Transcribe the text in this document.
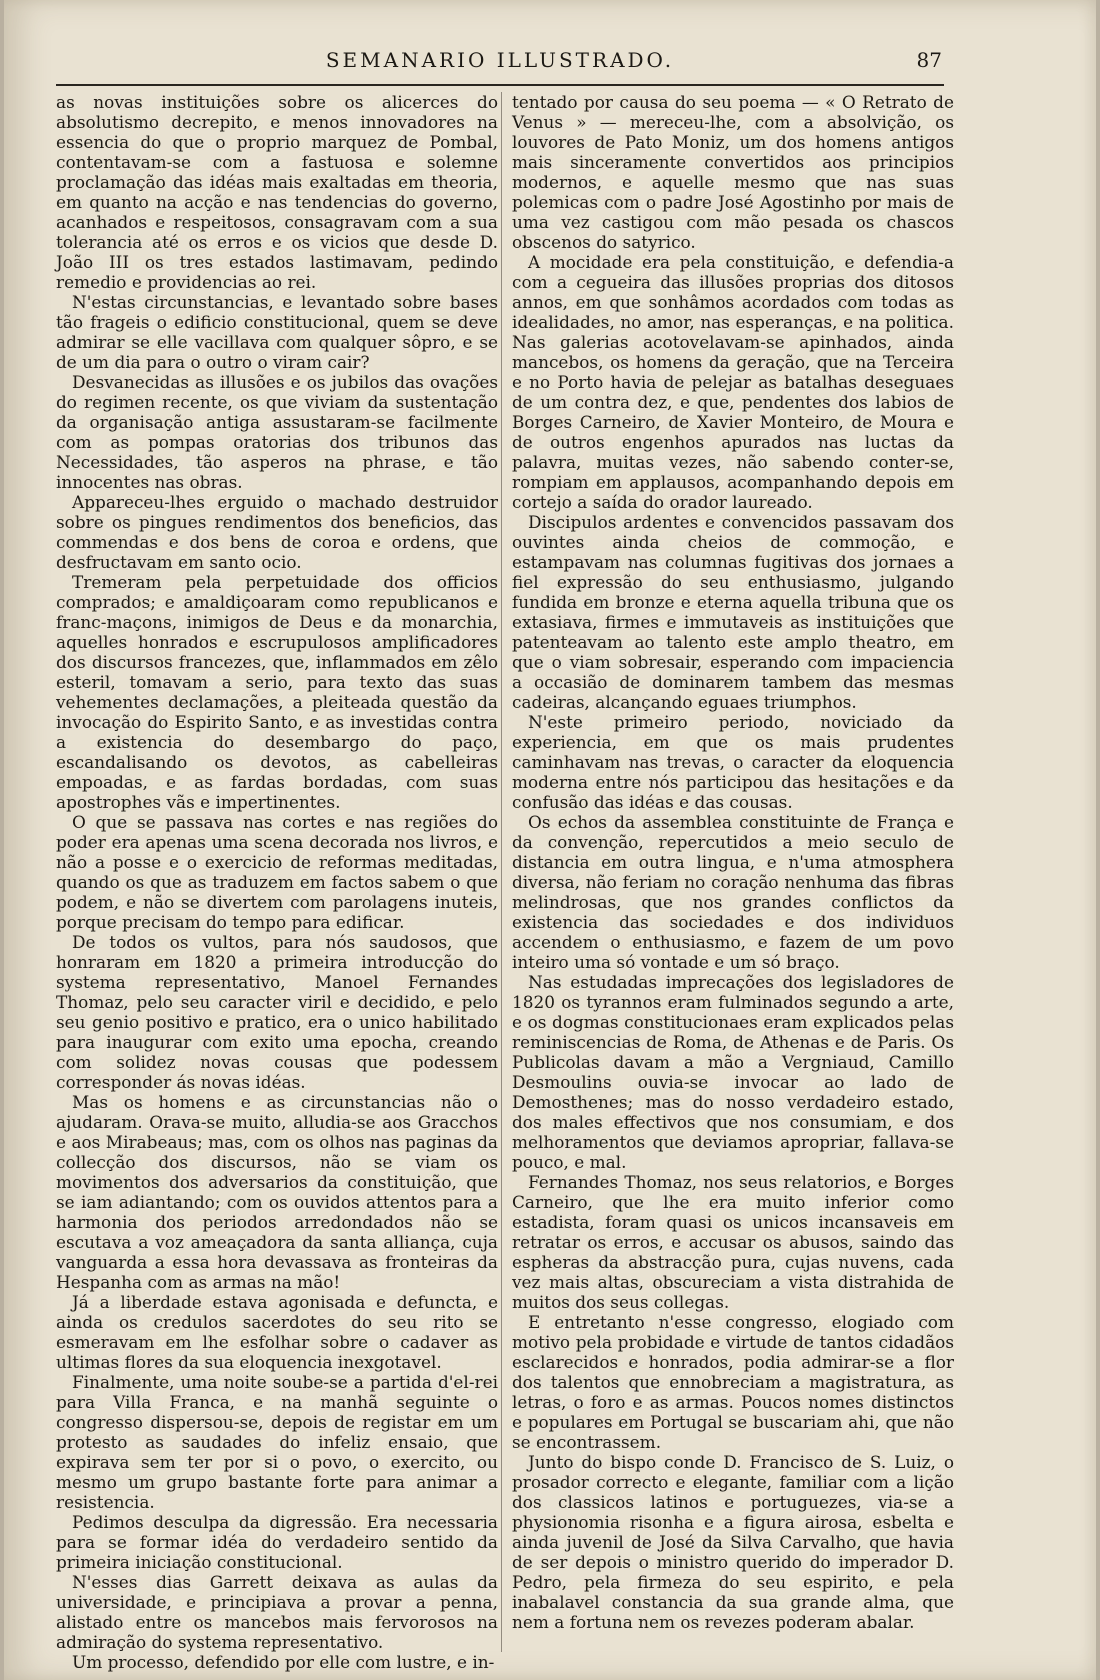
SEMANARIO ILLUSTRADO.	87

as novas instituições sobre os alicerces do absolutismo decrepito, e menos innovadores na essencia do que o proprio marquez de Pombal, contentavam-se com a fastuosa e solemne proclamação das idéas mais exaltadas em theoria, em quanto na acção e nas tendencias do governo, acanhados e respeitosos, consagravam com a sua tolerancia até os erros e os vicios que desde D. João III os tres estados lastimavam, pedindo remedio e providencias ao rei.

N'estas circunstancias, e levantado sobre bases tão frageis o edificio constitucional, quem se deve admirar se elle vacillava com qualquer sôpro, e se de um dia para o outro o viram cair?

Desvanecidas as illusões e os jubilos das ovações do regimen recente, os que viviam da sustentação da organisação antiga assustaram-se facilmente com as pompas oratorias dos tribunos das Necessidades, tão asperos na phrase, e tão innocentes nas obras.

Appareceu-lhes erguido o machado destruidor sobre os pingues rendimentos dos beneficios, das commendas e dos bens de coroa e ordens, que desfructavam em santo ocio.

Tremeram pela perpetuidade dos officios comprados; e amaldiçoaram como republicanos e franc-maçons, inimigos de Deus e da monarchia, aquelles honrados e escrupulosos amplificadores dos discursos francezes, que, inflammados em zêlo esteril, tomavam a serio, para texto das suas vehementes declamações, a pleiteada questão da invocação do Espirito Santo, e as investidas contra a existencia do desembargo do paço, escandalisando os devotos, as cabelleiras empoadas, e as fardas bordadas, com suas apostrophes vãs e impertinentes.

O que se passava nas cortes e nas regiões do poder era apenas uma scena decorada nos livros, e não a posse e o exercicio de reformas meditadas, quando os que as traduzem em factos sabem o que podem, e não se divertem com parolagens inuteis, porque precisam do tempo para edificar.

De todos os vultos, para nós saudosos, que honraram em 1820 a primeira introducção do systema representativo, Manoel Fernandes Thomaz, pelo seu caracter viril e decidido, e pelo seu genio positivo e pratico, era o unico habilitado para inaugurar com exito uma epocha, creando com solidez novas cousas que podessem corresponder ás novas idéas.

Mas os homens e as circunstancias não o ajudaram. Orava-se muito, alludia-se aos Gracchos e aos Mirabeaus; mas, com os olhos nas paginas da collecção dos discursos, não se viam os movimentos dos adversarios da constituição, que se iam adiantando; com os ouvidos attentos para a harmonia dos periodos arredondados não se escutava a voz ameaçadora da santa alliança, cuja vanguarda a essa hora devassava as fronteiras da Hespanha com as armas na mão!

Já a liberdade estava agonisada e defuncta, e ainda os credulos sacerdotes do seu rito se esmeravam em lhe esfolhar sobre o cadaver as ultimas flores da sua eloquencia inexgotavel.

Finalmente, uma noite soube-se a partida d'el-rei para Villa Franca, e na manhã seguinte o congresso dispersou-se, depois de registar em um protesto as saudades do infeliz ensaio, que expirava sem ter por si o povo, o exercito, ou mesmo um grupo bastante forte para animar a resistencia.

Pedimos desculpa da digressão. Era necessaria para se formar idéa do verdadeiro sentido da primeira iniciação constitucional.

N'esses dias Garrett deixava as aulas da universidade, e principiava a provar a penna, alistado entre os mancebos mais fervorosos na admiração do systema representativo.

Um processo, defendido por elle com lustre, e in-

tentado por causa do seu poema — « O Retrato de Venus » — mereceu-lhe, com a absolvição, os louvores de Pato Moniz, um dos homens antigos mais sinceramente convertidos aos principios modernos, e aquelle mesmo que nas suas polemicas com o padre José Agostinho por mais de uma vez castigou com mão pesada os chascos obscenos do satyrico.

A mocidade era pela constituição, e defendia-a com a cegueira das illusões proprias dos ditosos annos, em que sonhâmos acordados com todas as idealidades, no amor, nas esperanças, e na politica. Nas galerias acotovelavam-se apinhados, ainda mancebos, os homens da geração, que na Terceira e no Porto havia de pelejar as batalhas deseguaes de um contra dez, e que, pendentes dos labios de Borges Carneiro, de Xavier Monteiro, de Moura e de outros engenhos apurados nas luctas da palavra, muitas vezes, não sabendo conter-se, rompiam em applausos, acompanhando depois em cortejo a saída do orador laureado.

Discipulos ardentes e convencidos passavam dos ouvintes ainda cheios de commoção, e estampavam nas columnas fugitivas dos jornaes a fiel expressão do seu enthusiasmo, julgando fundida em bronze e eterna aquella tribuna que os extasiava, firmes e immutaveis as instituições que patenteavam ao talento este amplo theatro, em que o viam sobresair, esperando com impaciencia a occasião de dominarem tambem das mesmas cadeiras, alcançando eguaes triumphos.

N'este primeiro periodo, noviciado da experiencia, em que os mais prudentes caminhavam nas trevas, o caracter da eloquencia moderna entre nós participou das hesitações e da confusão das idéas e das cousas.

Os echos da assemblea constituinte de França e da convenção, repercutidos a meio seculo de distancia em outra lingua, e n'uma atmosphera diversa, não feriam no coração nenhuma das fibras melindrosas, que nos grandes conflictos da existencia das sociedades e dos individuos accendem o enthusiasmo, e fazem de um povo inteiro uma só vontade e um só braço.

Nas estudadas imprecações dos legisladores de 1820 os tyrannos eram fulminados segundo a arte, e os dogmas constitucionaes eram explicados pelas reminiscencias de Roma, de Athenas e de Paris. Os Publicolas davam a mão a Vergniaud, Camillo Desmoulins ouvia-se invocar ao lado de Demosthenes; mas do nosso verdadeiro estado, dos males effectivos que nos consumiam, e dos melhoramentos que deviamos apropriar, fallava-se pouco, e mal.

Fernandes Thomaz, nos seus relatorios, e Borges Carneiro, que lhe era muito inferior como estadista, foram quasi os unicos incansaveis em retratar os erros, e accusar os abusos, saindo das espheras da abstracção pura, cujas nuvens, cada vez mais altas, obscureciam a vista distrahida de muitos dos seus collegas.

E entretanto n'esse congresso, elogiado com motivo pela probidade e virtude de tantos cidadãos esclarecidos e honrados, podia admirar-se a flor dos talentos que ennobreciam a magistratura, as letras, o foro e as armas. Poucos nomes distinctos e populares em Portugal se buscariam ahi, que não se encontrassem.

Junto do bispo conde D. Francisco de S. Luiz, o prosador correcto e elegante, familiar com a lição dos classicos latinos e portuguezes, via-se a physionomia risonha e a figura airosa, esbelta e ainda juvenil de José da Silva Carvalho, que havia de ser depois o ministro querido do imperador D. Pedro, pela firmeza do seu espirito, e pela inabalavel constancia da sua grande alma, que nem a fortuna nem os revezes poderam abalar.
